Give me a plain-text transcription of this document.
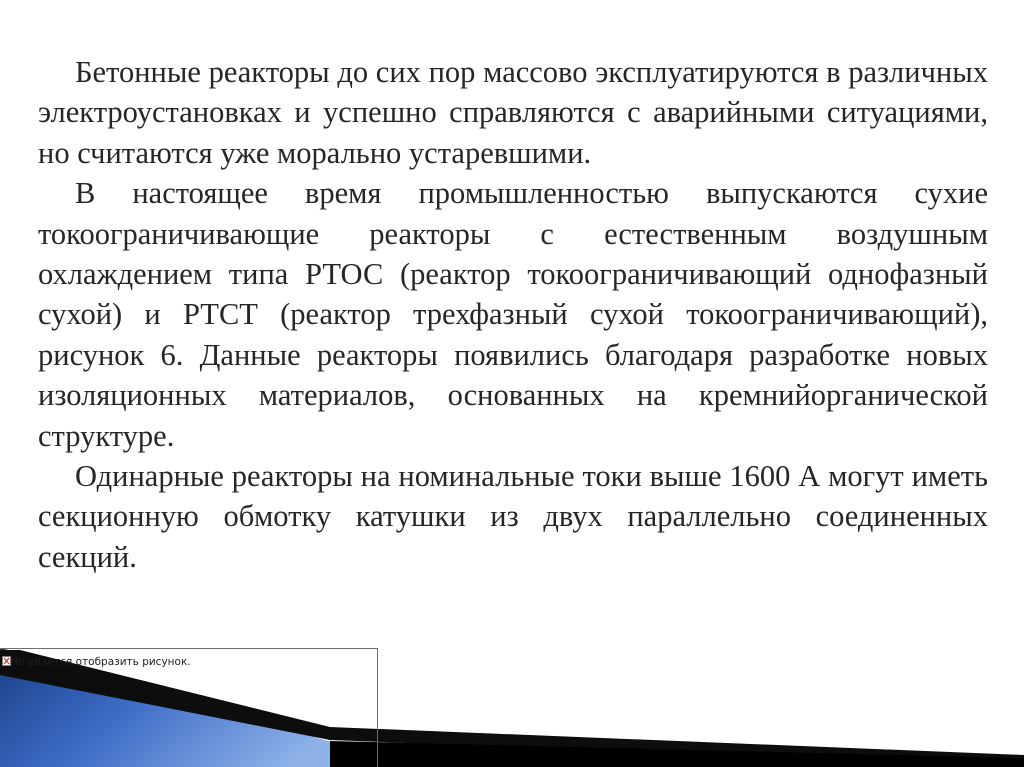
Бетонные реакторы до сих пор массово эксплуатируются в различных электроустановках и успешно справляются с аварийными ситуациями, но считаются уже морально устаревшими.

В настоящее время промышленностью выпускаются сухие токоограничивающие реакторы с естественным воздушным охлаждением типа РТОС (реактор токоограничивающий однофазный сухой) и РТСТ (реактор трехфазный сухой токоограничивающий), рисунок 6. Данные реакторы появились благодаря разработке новых изоляционных материалов, основанных на кремнийорганической структуре.

Одинарные реакторы на номинальные токи выше 1600 А могут иметь секционную обмотку катушки из двух параллельно соединенных секций.

Не удается отобразить рисунок.
